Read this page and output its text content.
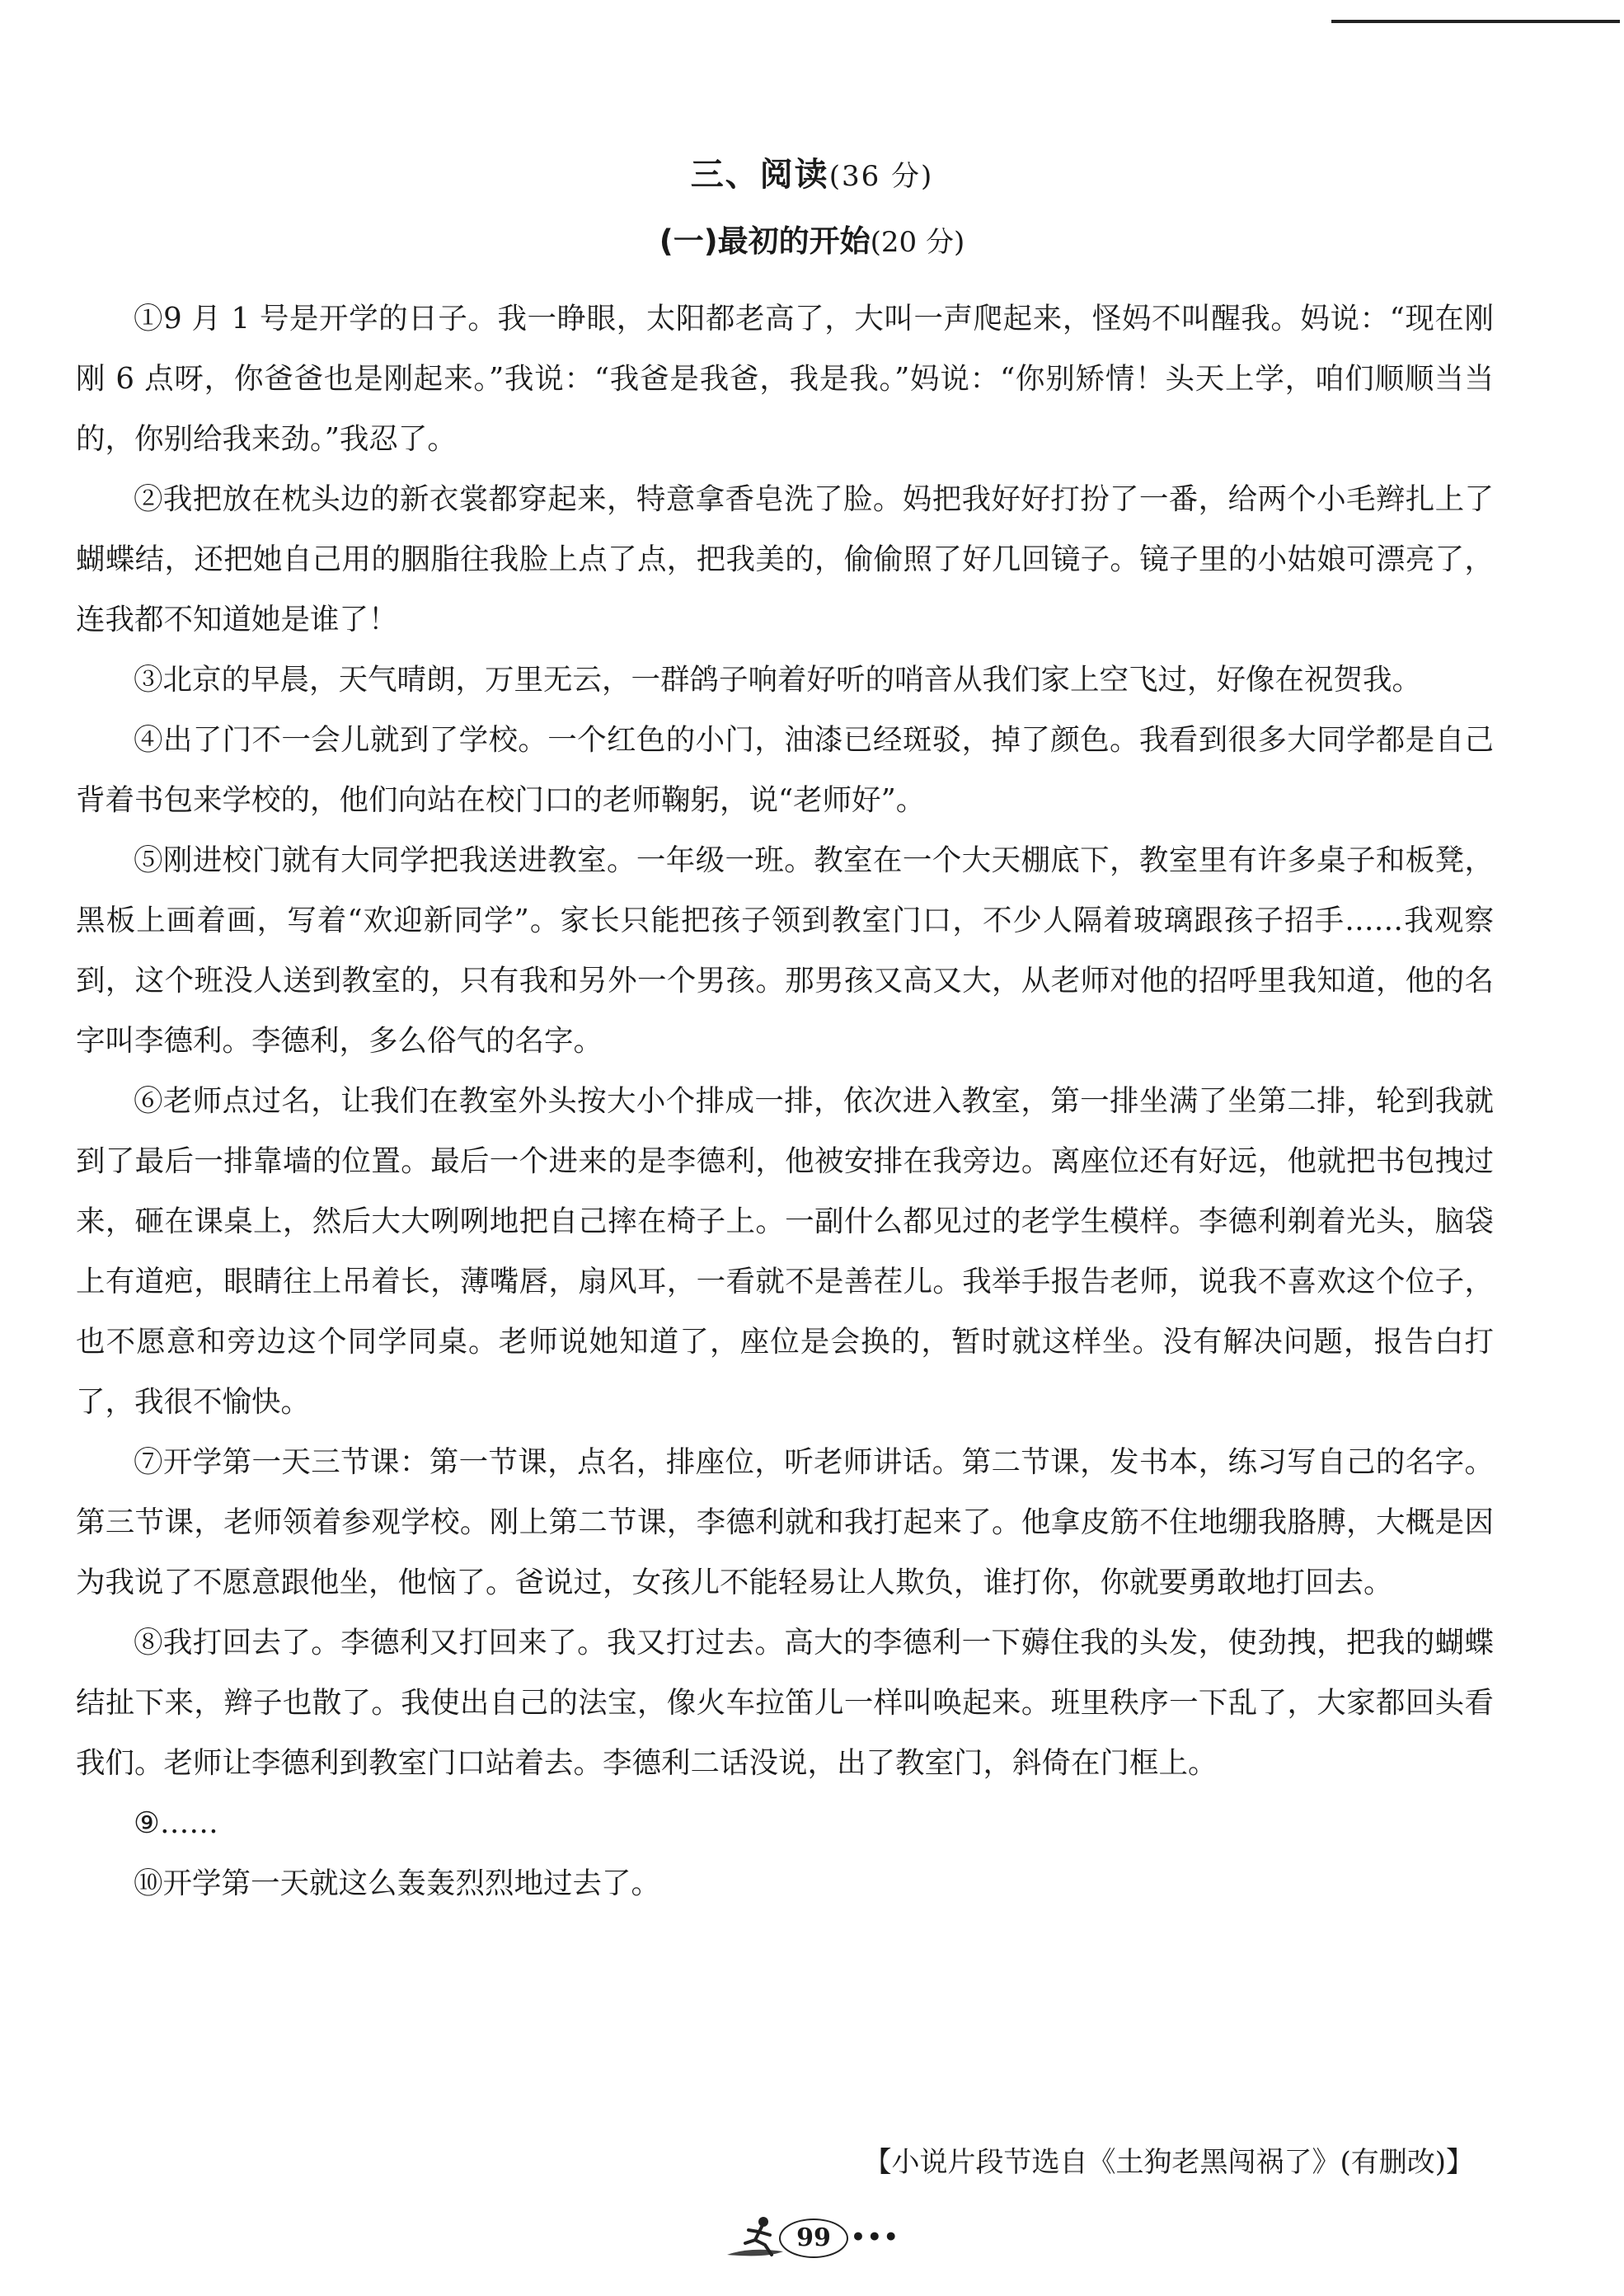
三、阅读(36 分)
(一)最初的开始(20 分)

①9 月 1 号是开学的日子。我一睁眼，太阳都老高了，大叫一声爬起来，怪妈不叫醒我。妈说：“现在刚刚 6 点呀，你爸爸也是刚起来。”我说：“我爸是我爸，我是我。”妈说：“你别矫情！头天上学，咱们顺顺当当的，你别给我来劲。”我忍了。

②我把放在枕头边的新衣裳都穿起来，特意拿香皂洗了脸。妈把我好好打扮了一番，给两个小毛辫扎上了蝴蝶结，还把她自己用的胭脂往我脸上点了点，把我美的，偷偷照了好几回镜子。镜子里的小姑娘可漂亮了，连我都不知道她是谁了！

③北京的早晨，天气晴朗，万里无云，一群鸽子响着好听的哨音从我们家上空飞过，好像在祝贺我。

④出了门不一会儿就到了学校。一个红色的小门，油漆已经斑驳，掉了颜色。我看到很多大同学都是自己背着书包来学校的，他们向站在校门口的老师鞠躬，说“老师好”。

⑤刚进校门就有大同学把我送进教室。一年级一班。教室在一个大天棚底下，教室里有许多桌子和板凳，黑板上画着画，写着“欢迎新同学”。家长只能把孩子领到教室门口，不少人隔着玻璃跟孩子招手……我观察到，这个班没人送到教室的，只有我和另外一个男孩。那男孩又高又大，从老师对他的招呼里我知道，他的名字叫李德利。李德利，多么俗气的名字。

⑥老师点过名，让我们在教室外头按大小个排成一排，依次进入教室，第一排坐满了坐第二排，轮到我就到了最后一排靠墙的位置。最后一个进来的是李德利，他被安排在我旁边。离座位还有好远，他就把书包拽过来，砸在课桌上，然后大大咧咧地把自己摔在椅子上。一副什么都见过的老学生模样。李德利剃着光头，脑袋上有道疤，眼睛往上吊着长，薄嘴唇，扇风耳，一看就不是善茬儿。我举手报告老师，说我不喜欢这个位子，也不愿意和旁边这个同学同桌。老师说她知道了，座位是会换的，暂时就这样坐。没有解决问题，报告白打了，我很不愉快。

⑦开学第一天三节课：第一节课，点名，排座位，听老师讲话。第二节课，发书本，练习写自己的名字。第三节课，老师领着参观学校。刚上第二节课，李德利就和我打起来了。他拿皮筋不住地绷我胳膊，大概是因为我说了不愿意跟他坐，他恼了。爸说过，女孩儿不能轻易让人欺负，谁打你，你就要勇敢地打回去。

⑧我打回去了。李德利又打回来了。我又打过去。高大的李德利一下薅住我的头发，使劲拽，把我的蝴蝶结扯下来，辫子也散了。我使出自己的法宝，像火车拉笛儿一样叫唤起来。班里秩序一下乱了，大家都回头看我们。老师让李德利到教室门口站着去。李德利二话没说，出了教室门，斜倚在门框上。

⑨……

⑩开学第一天就这么轰轰烈烈地过去了。

【小说片段节选自《土狗老黑闯祸了》(有删改)】
99 •••
